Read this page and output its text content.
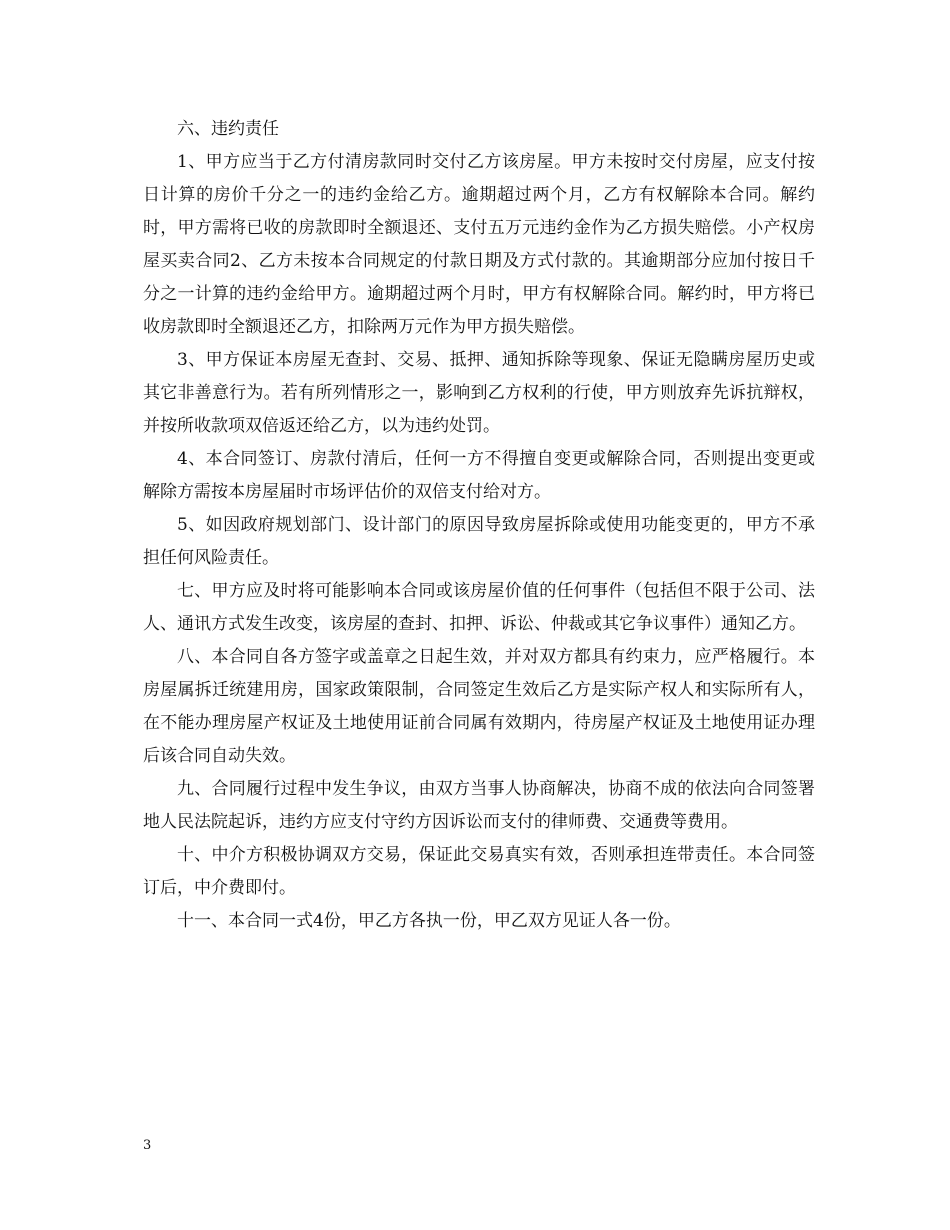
六、违约责任

1、甲方应当于乙方付清房款同时交付乙方该房屋。甲方未按时交付房屋，应支付按日计算的房价千分之一的违约金给乙方。逾期超过两个月，乙方有权解除本合同。解约时，甲方需将已收的房款即时全额退还、支付五万元违约金作为乙方损失赔偿。小产权房屋买卖合同2、乙方未按本合同规定的付款日期及方式付款的。其逾期部分应加付按日千分之一计算的违约金给甲方。逾期超过两个月时，甲方有权解除合同。解约时，甲方将已收房款即时全额退还乙方，扣除两万元作为甲方损失赔偿。

3、甲方保证本房屋无查封、交易、抵押、通知拆除等现象、保证无隐瞒房屋历史或其它非善意行为。若有所列情形之一，影响到乙方权利的行使，甲方则放弃先诉抗辩权，并按所收款项双倍返还给乙方，以为违约处罚。

4、本合同签订、房款付清后，任何一方不得擅自变更或解除合同，否则提出变更或解除方需按本房屋届时市场评估价的双倍支付给对方。

5、如因政府规划部门、设计部门的原因导致房屋拆除或使用功能变更的，甲方不承担任何风险责任。

七、甲方应及时将可能影响本合同或该房屋价值的任何事件（包括但不限于公司、法人、通讯方式发生改变，该房屋的查封、扣押、诉讼、仲裁或其它争议事件）通知乙方。

八、本合同自各方签字或盖章之日起生效，并对双方都具有约束力，应严格履行。本房屋属拆迁统建用房，国家政策限制，合同签定生效后乙方是实际产权人和实际所有人，在不能办理房屋产权证及土地使用证前合同属有效期内，待房屋产权证及土地使用证办理后该合同自动失效。

九、合同履行过程中发生争议，由双方当事人协商解决，协商不成的依法向合同签署地人民法院起诉，违约方应支付守约方因诉讼而支付的律师费、交通费等费用。

十、中介方积极协调双方交易，保证此交易真实有效，否则承担连带责任。本合同签订后，中介费即付。

十一、本合同一式4份，甲乙方各执一份，甲乙双方见证人各一份。

3
